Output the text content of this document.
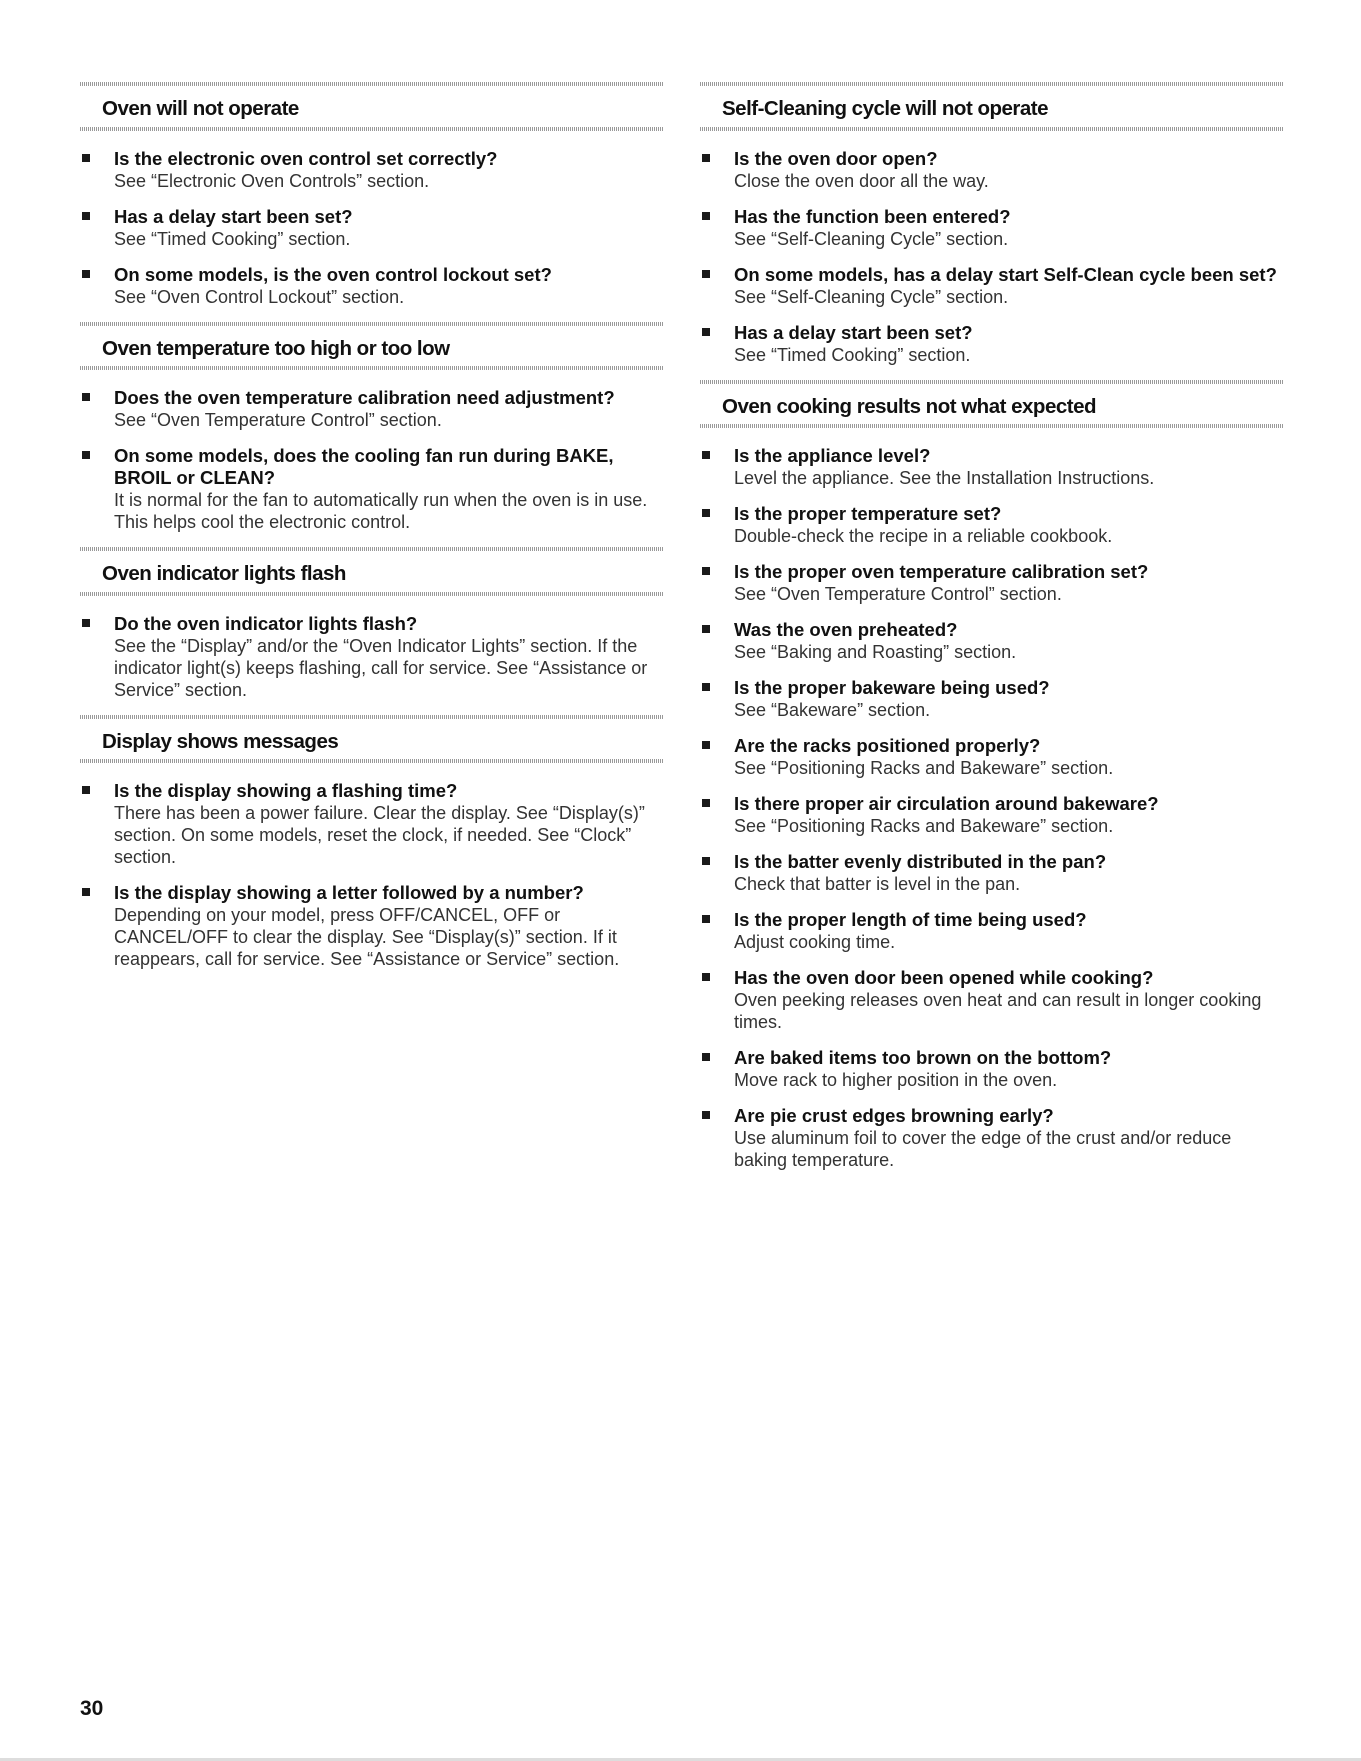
Oven will not operate
Is the electronic oven control set correctly?
See “Electronic Oven Controls” section.
Has a delay start been set?
See “Timed Cooking” section.
On some models, is the oven control lockout set?
See “Oven Control Lockout” section.
Oven temperature too high or too low
Does the oven temperature calibration need adjustment?
See “Oven Temperature Control” section.
On some models, does the cooling fan run during BAKE, BROIL or CLEAN?
It is normal for the fan to automatically run when the oven is in use. This helps cool the electronic control.
Oven indicator lights flash
Do the oven indicator lights flash?
See the “Display” and/or the “Oven Indicator Lights” section. If the indicator light(s) keeps flashing, call for service. See “Assistance or Service” section.
Display shows messages
Is the display showing a flashing time?
There has been a power failure. Clear the display. See “Display(s)” section. On some models, reset the clock, if needed. See “Clock” section.
Is the display showing a letter followed by a number?
Depending on your model, press OFF/CANCEL, OFF or CANCEL/OFF to clear the display. See “Display(s)” section. If it reappears, call for service. See “Assistance or Service” section.
Self-Cleaning cycle will not operate
Is the oven door open?
Close the oven door all the way.
Has the function been entered?
See “Self-Cleaning Cycle” section.
On some models, has a delay start Self-Clean cycle been set?
See “Self-Cleaning Cycle” section.
Has a delay start been set?
See “Timed Cooking” section.
Oven cooking results not what expected
Is the appliance level?
Level the appliance. See the Installation Instructions.
Is the proper temperature set?
Double-check the recipe in a reliable cookbook.
Is the proper oven temperature calibration set?
See “Oven Temperature Control” section.
Was the oven preheated?
See “Baking and Roasting” section.
Is the proper bakeware being used?
See “Bakeware” section.
Are the racks positioned properly?
See “Positioning Racks and Bakeware” section.
Is there proper air circulation around bakeware?
See “Positioning Racks and Bakeware” section.
Is the batter evenly distributed in the pan?
Check that batter is level in the pan.
Is the proper length of time being used?
Adjust cooking time.
Has the oven door been opened while cooking?
Oven peeking releases oven heat and can result in longer cooking times.
Are baked items too brown on the bottom?
Move rack to higher position in the oven.
Are pie crust edges browning early?
Use aluminum foil to cover the edge of the crust and/or reduce baking temperature.
30
